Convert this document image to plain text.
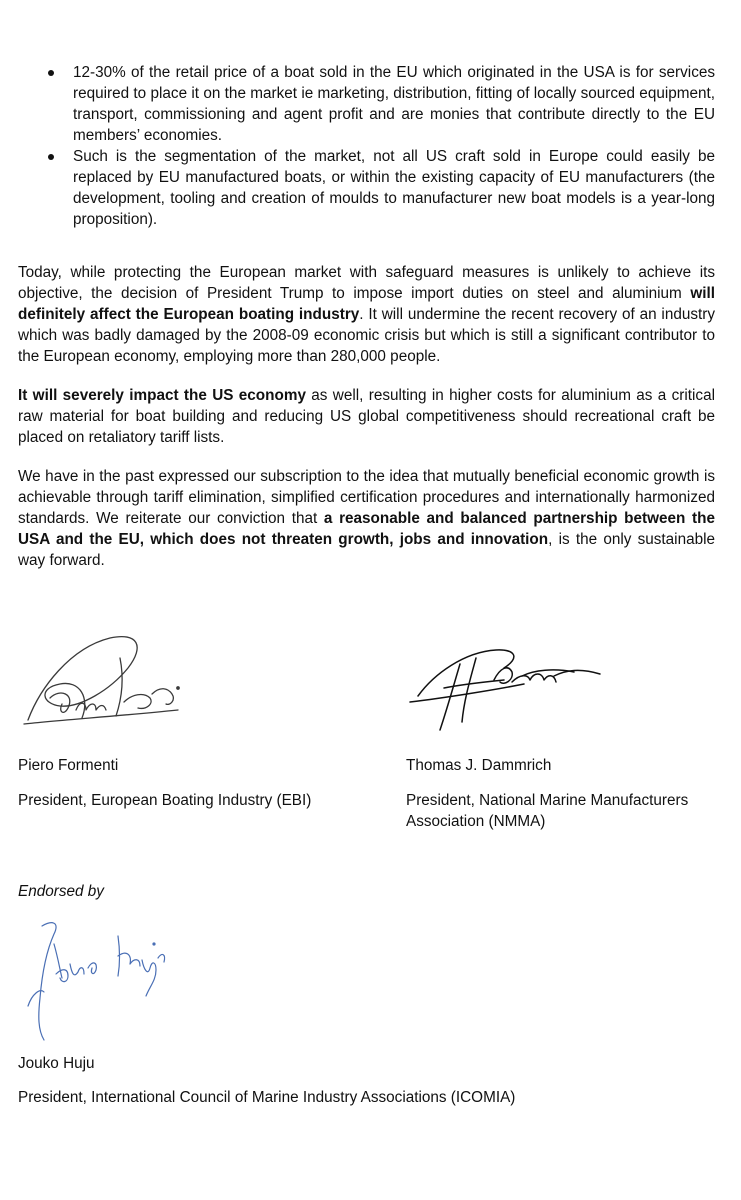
12-30% of the retail price of a boat sold in the EU which originated in the USA is for services required to place it on the market ie marketing, distribution, fitting of locally sourced equipment, transport, commissioning and agent profit and are monies that contribute directly to the EU members’ economies.
Such is the segmentation of the market, not all US craft sold in Europe could easily be replaced by EU manufactured boats, or within the existing capacity of EU manufacturers (the development, tooling and creation of moulds to manufacturer new boat models is a year-long proposition).

Today, while protecting the European market with safeguard measures is unlikely to achieve its objective, the decision of President Trump to impose import duties on steel and aluminium will definitely affect the European boating industry. It will undermine the recent recovery of an industry which was badly damaged by the 2008-09 economic crisis but which is still a significant contributor to the European economy, employing more than 280,000 people.

It will severely impact the US economy as well, resulting in higher costs for aluminium as a critical raw material for boat building and reducing US global competitiveness should recreational craft be placed on retaliatory tariff lists.

We have in the past expressed our subscription to the idea that mutually beneficial economic growth is achievable through tariff elimination, simplified certification procedures and internationally harmonized standards. We reiterate our conviction that a reasonable and balanced partnership between the USA and the EU, which does not threaten growth, jobs and innovation, is the only sustainable way forward.

Piero Formenti

President, European Boating Industry (EBI)

Thomas J. Dammrich

President, National Marine Manufacturers Association (NMMA)

Endorsed by

Jouko Huju

President, International Council of Marine Industry Associations (ICOMIA)
